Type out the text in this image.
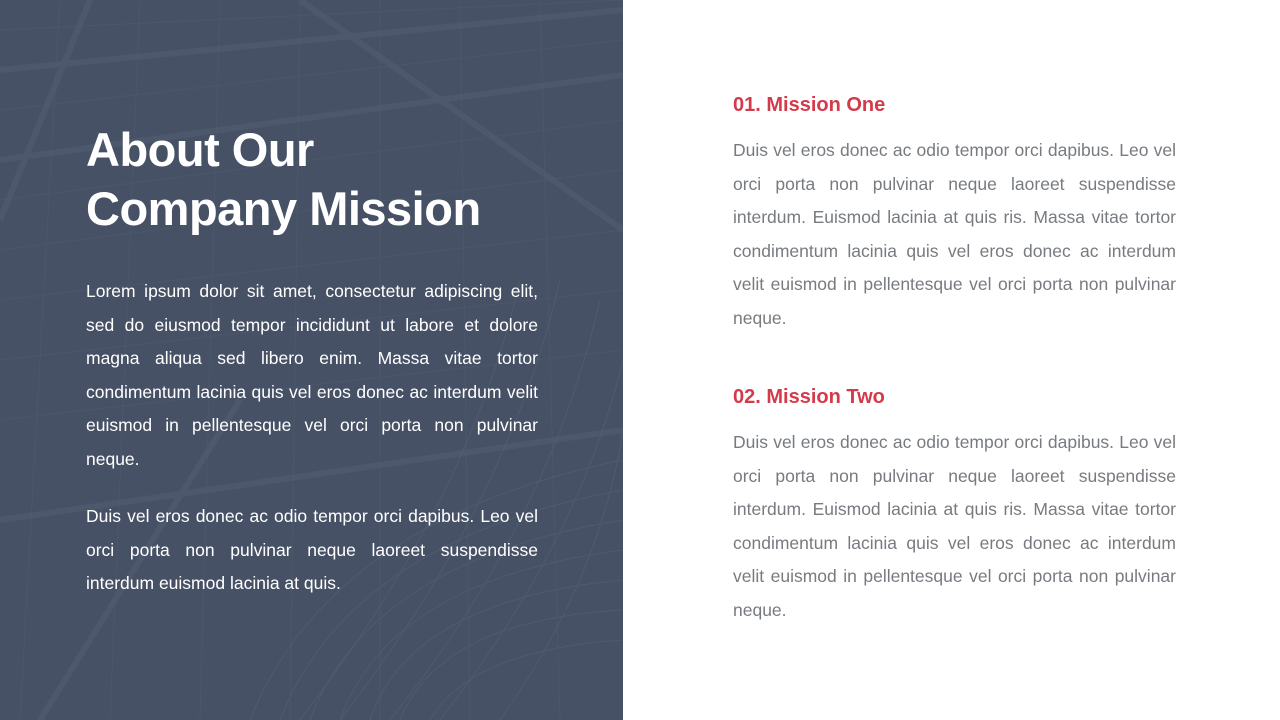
About Our
Company Mission

Lorem ipsum dolor sit amet, consectetur adipiscing elit, sed do eiusmod tempor incididunt ut labore et dolore magna aliqua sed libero enim. Massa vitae tortor condimentum lacinia quis vel eros donec ac interdum velit euismod in pellentesque vel orci porta non pulvinar neque.

Duis vel eros donec ac odio tempor orci dapibus. Leo vel orci porta non pulvinar neque laoreet suspendisse interdum euismod lacinia at quis.

01. Mission One

Duis vel eros donec ac odio tempor orci dapibus. Leo vel orci porta non pulvinar neque laoreet suspendisse interdum. Euismod lacinia at quis ris. Massa vitae tortor condimentum lacinia quis vel eros donec ac interdum velit euismod in pellentesque vel orci porta non pulvinar neque.

02. Mission Two

Duis vel eros donec ac odio tempor orci dapibus. Leo vel orci porta non pulvinar neque laoreet suspendisse interdum. Euismod lacinia at quis ris. Massa vitae tortor condimentum lacinia quis vel eros donec ac interdum velit euismod in pellentesque vel orci porta non pulvinar neque.
